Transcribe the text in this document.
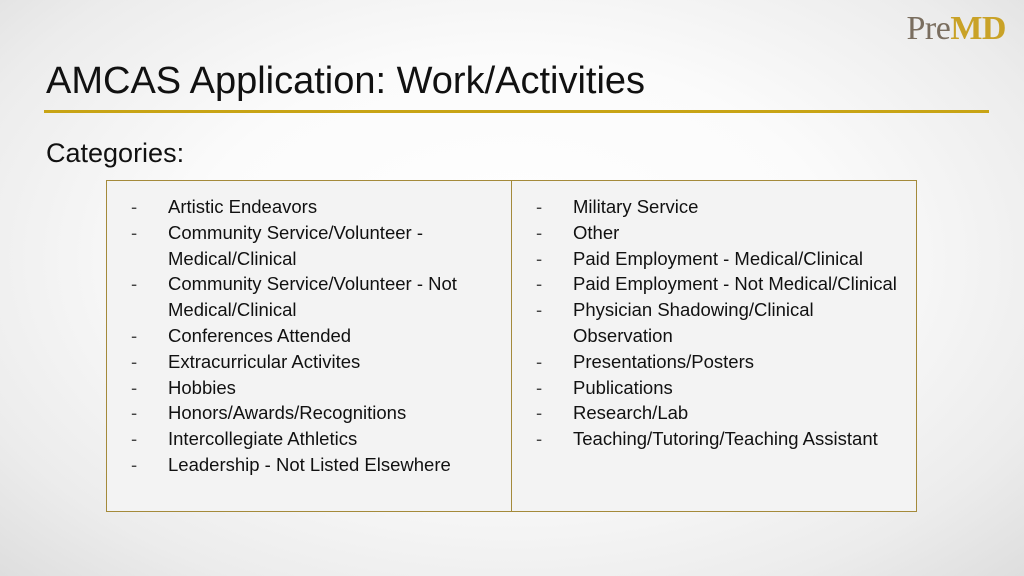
PreMD
AMCAS Application: Work/Activities
Categories:
-	Artistic Endeavors
-	Community Service/Volunteer - Medical/Clinical
-	Community Service/Volunteer - Not Medical/Clinical
-	Conferences Attended
-	Extracurricular Activites
-	Hobbies
-	Honors/Awards/Recognitions
-	Intercollegiate Athletics
-	Leadership - Not Listed Elsewhere
-	Military Service
-	Other
-	Paid Employment - Medical/Clinical
-	Paid Employment - Not Medical/Clinical
-	Physician Shadowing/Clinical Observation
-	Presentations/Posters
-	Publications
-	Research/Lab
-	Teaching/Tutoring/Teaching Assistant
